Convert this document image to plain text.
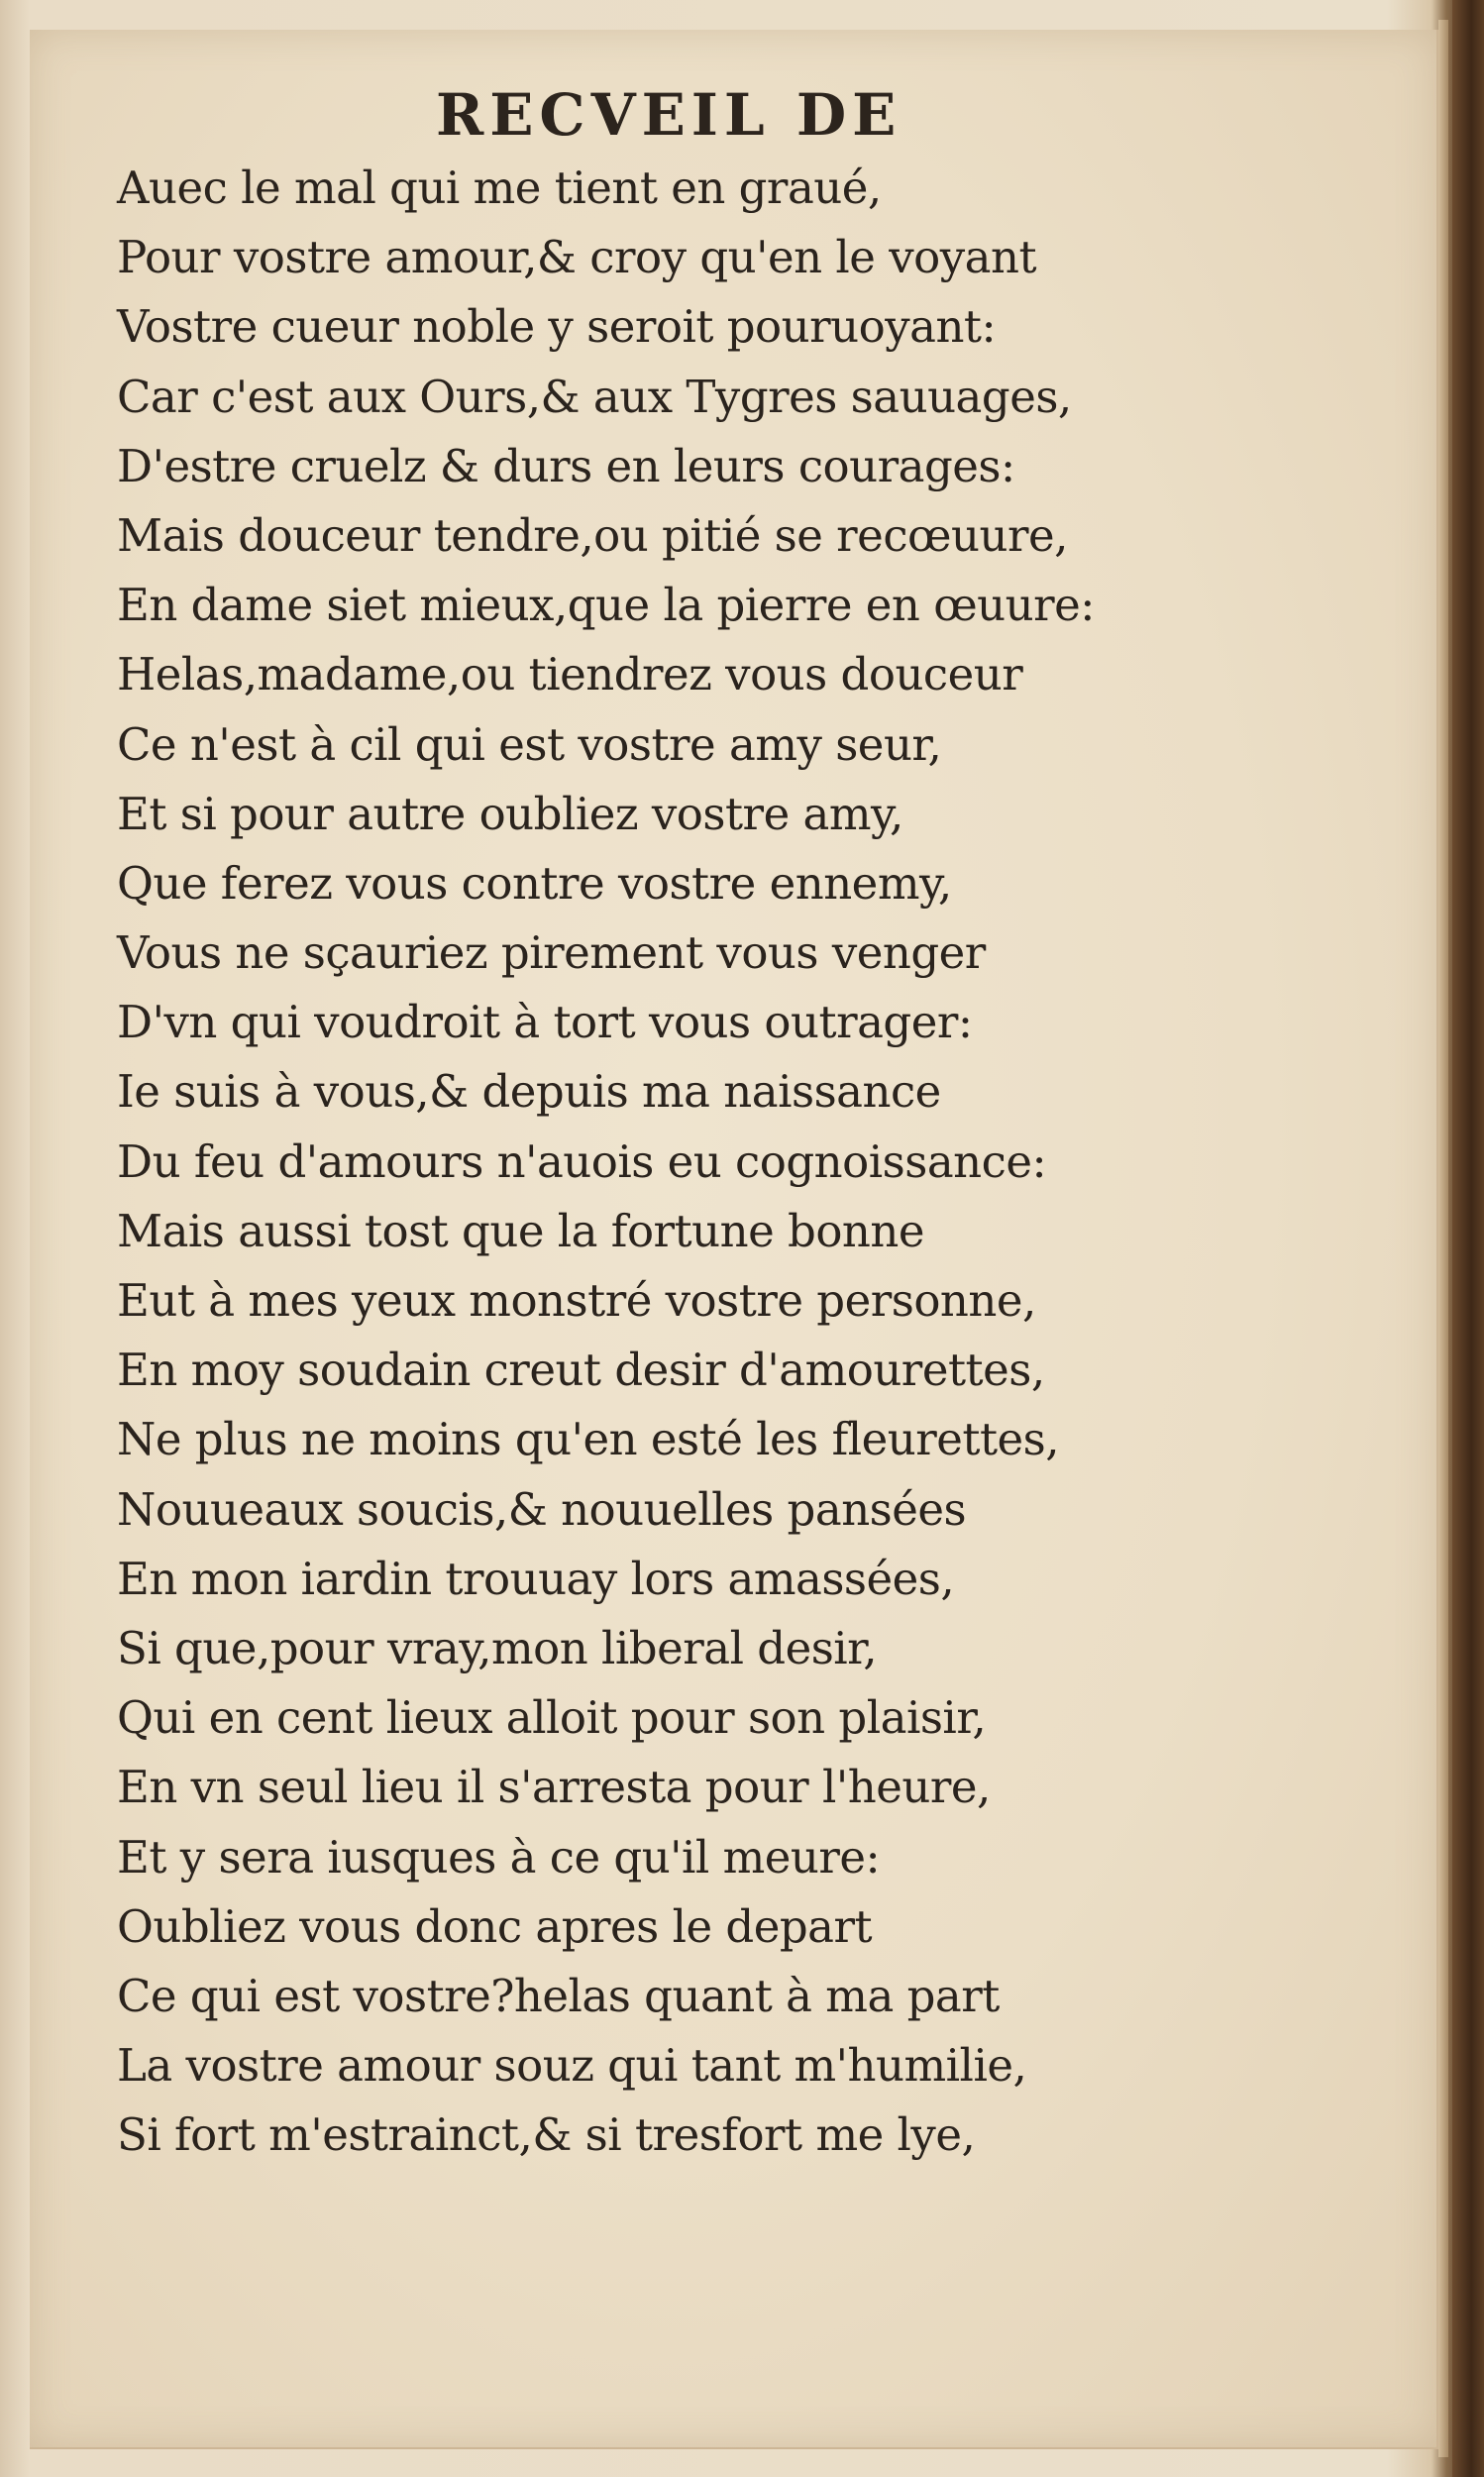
RECVEIL DE
Auec le mal qui me tient en graué,
Pour vostre amour,& croy qu'en le voyant
Vostre cueur noble y seroit pouruoyant:
Car c'est aux Ours,& aux Tygres sauuages,
D'estre cruelz & durs en leurs courages:
Mais douceur tendre,ou pitié se recœuure,
En dame siet mieux,que la pierre en œuure:
Helas,madame,ou tiendrez vous douceur
Ce n'est à cil qui est vostre amy seur,
Et si pour autre oubliez vostre amy,
Que ferez vous contre vostre ennemy,
Vous ne sçauriez pirement vous venger
D'vn qui voudroit à tort vous outrager:
Ie suis à vous,& depuis ma naissance
Du feu d'amours n'auois eu cognoissance:
Mais aussi tost que la fortune bonne
Eut à mes yeux monstré vostre personne,
En moy soudain creut desir d'amourettes,
Ne plus ne moins qu'en esté les fleurettes,
Nouueaux soucis,& nouuelles pansées
En mon iardin trouuay lors amassées,
Si que,pour vray,mon liberal desir,
Qui en cent lieux alloit pour son plaisir,
En vn seul lieu il s'arresta pour l'heure,
Et y sera iusques à ce qu'il meure:
Oubliez vous donc apres le depart
Ce qui est vostre?helas quant à ma part
La vostre amour souz qui tant m'humilie,
Si fort m'estrainct,& si tresfort me lye,
